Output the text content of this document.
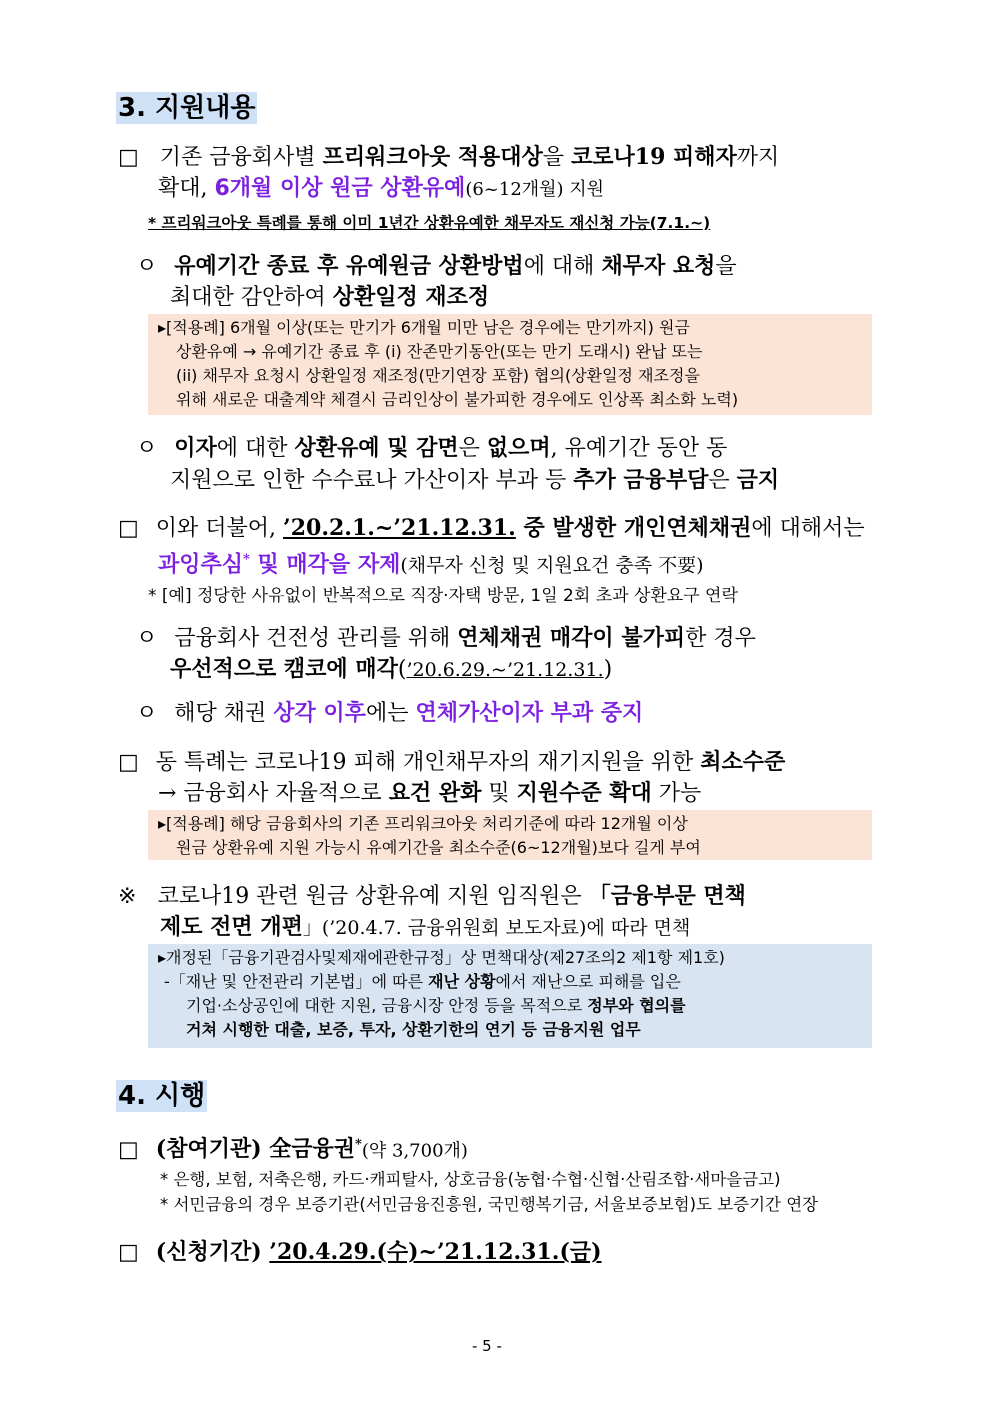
3. 지원내용
□ 기존 금융회사별 프리워크아웃 적용대상을 코로나19 피해자까지
확대, 6개월 이상 원금 상환유예(6~12개월) 지원
* 프리워크아웃 특례를 통해 이미 1년간 상환유예한 채무자도 재신청 가능(7.1.~)
ㅇ 유예기간 종료 후 유예원금 상환방법에 대해 채무자 요청을
최대한 감안하여 상환일정 재조정
▸[적용례] 6개월 이상(또는 만기가 6개월 미만 남은 경우에는 만기까지) 원금
상환유예 → 유예기간 종료 후 (i) 잔존만기동안(또는 만기 도래시) 완납 또는
(ii) 채무자 요청시 상환일정 재조정(만기연장 포함) 협의(상환일정 재조정을
위해 새로운 대출계약 체결시 금리인상이 불가피한 경우에도 인상폭 최소화 노력)
ㅇ 이자에 대한 상환유예 및 감면은 없으며, 유예기간 동안 동
지원으로 인한 수수료나 가산이자 부과 등 추가 금융부담은 금지
□ 이와 더불어, ’20.2.1.~’21.12.31. 중 발생한 개인연체채권에 대해서는
과잉추심* 및 매각을 자제(채무자 신청 및 지원요건 충족 不要)
* [예] 정당한 사유없이 반복적으로 직장·자택 방문, 1일 2회 초과 상환요구 연락
ㅇ 금융회사 건전성 관리를 위해 연체채권 매각이 불가피한 경우
우선적으로 캠코에 매각(’20.6.29.~’21.12.31.)
ㅇ 해당 채권 상각 이후에는 연체가산이자 부과 중지
□ 동 특례는 코로나19 피해 개인채무자의 재기지원을 위한 최소수준
→ 금융회사 자율적으로 요건 완화 및 지원수준 확대 가능
▸[적용례] 해당 금융회사의 기존 프리워크아웃 처리기준에 따라 12개월 이상
원금 상환유예 지원 가능시 유예기간을 최소수준(6~12개월)보다 길게 부여
※ 코로나19 관련 원금 상환유예 지원 임직원은 「금융부문 면책
제도 전면 개편」(’20.4.7. 금융위원회 보도자료)에 따라 면책
▸개정된「금융기관검사및제재에관한규정」상 면책대상(제27조의2 제1항 제1호)
-「재난 및 안전관리 기본법」에 따른 재난 상황에서 재난으로 피해를 입은
기업·소상공인에 대한 지원, 금융시장 안정 등을 목적으로 정부와 협의를
거쳐 시행한 대출, 보증, 투자, 상환기한의 연기 등 금융지원 업무
4. 시행
□ (참여기관) 全금융권*(약 3,700개)
* 은행, 보험, 저축은행, 카드·캐피탈사, 상호금융(농협·수협·신협·산림조합·새마을금고)
* 서민금융의 경우 보증기관(서민금융진흥원, 국민행복기금, 서울보증보험)도 보증기간 연장
□ (신청기간) ’20.4.29.(수)~’21.12.31.(금)
- 5 -
